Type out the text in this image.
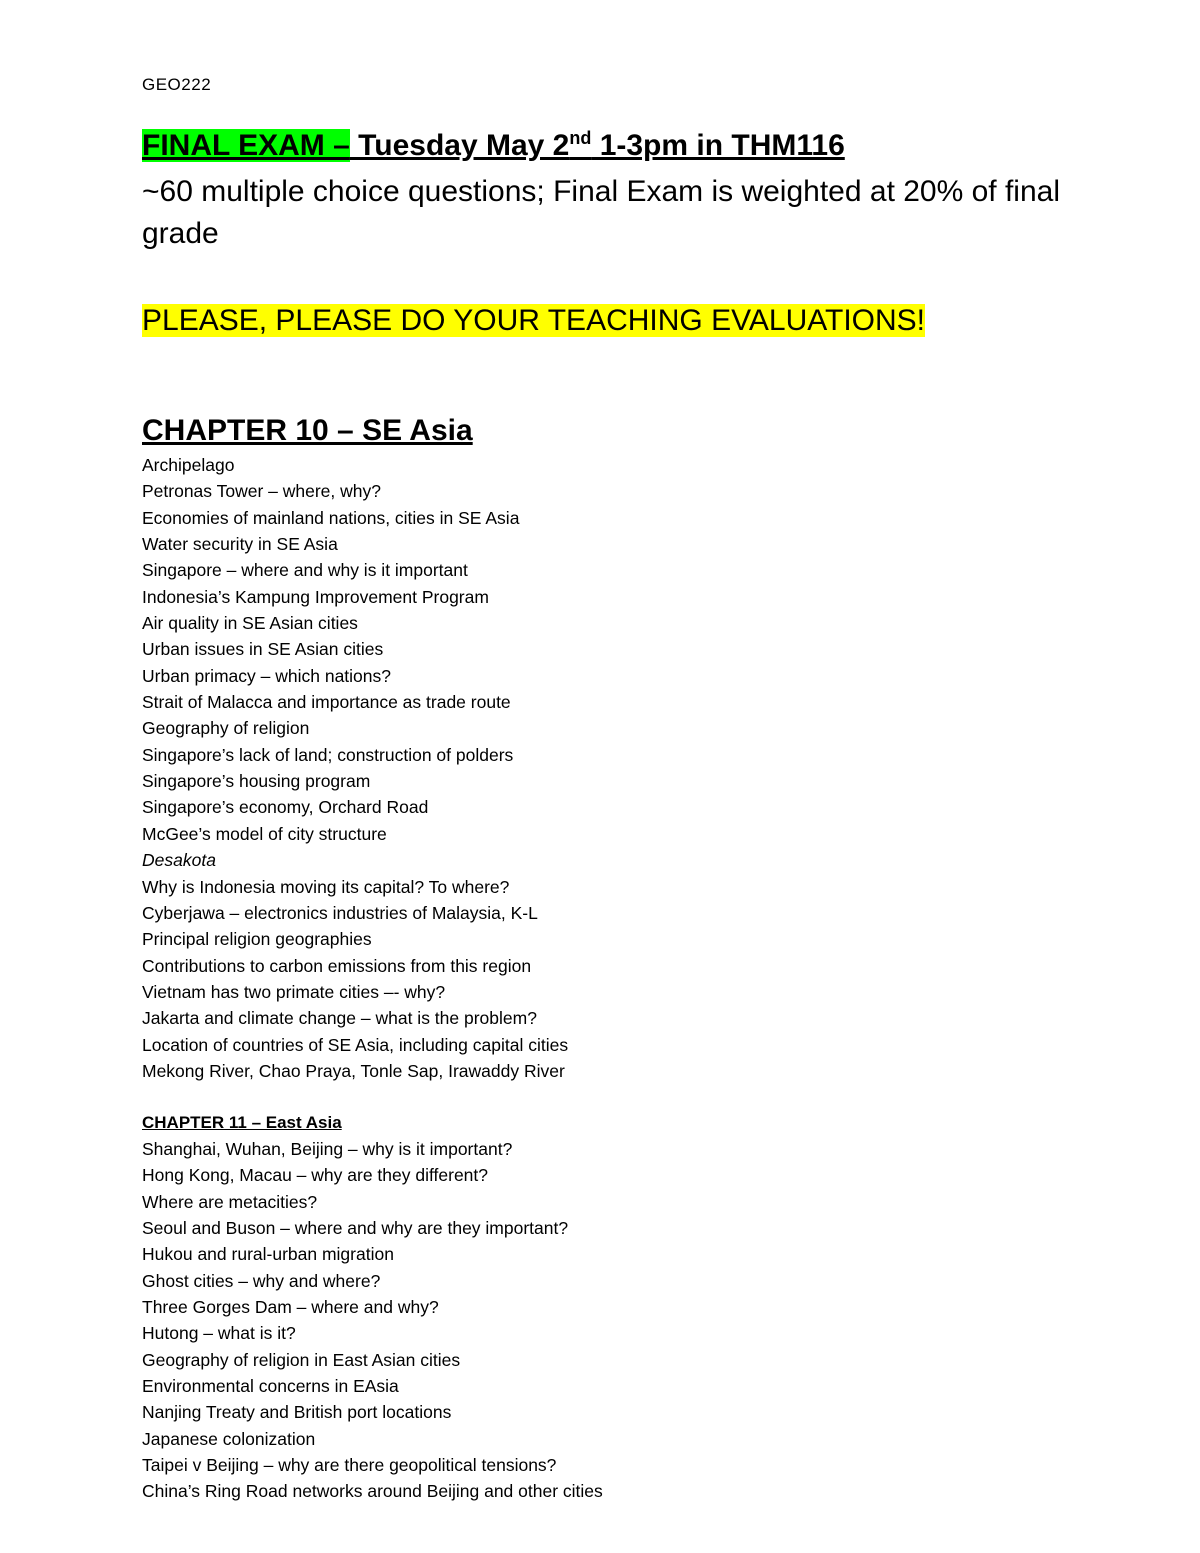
GEO222
FINAL EXAM – Tuesday May 2nd 1-3pm in THM116
~60 multiple choice questions; Final Exam is weighted at 20% of final grade
PLEASE, PLEASE DO YOUR TEACHING EVALUATIONS!
CHAPTER 10 – SE Asia
Archipelago
Petronas Tower – where, why?
Economies of mainland nations, cities in SE Asia
Water security in SE Asia
Singapore – where and why is it important
Indonesia’s Kampung Improvement Program
Air quality in SE Asian cities
Urban issues in SE Asian cities
Urban primacy – which nations?
Strait of Malacca and importance as trade route
Geography of religion
Singapore’s lack of land; construction of polders
Singapore’s housing program
Singapore’s economy, Orchard Road
McGee’s model of city structure
Desakota
Why is Indonesia moving its capital? To where?
Cyberjawa – electronics industries of Malaysia, K-L
Principal religion geographies
Contributions to carbon emissions from this region
Vietnam has two primate cities –- why?
Jakarta and climate change – what is the problem?
Location of countries of SE Asia, including capital cities
Mekong River, Chao Praya, Tonle Sap, Irawaddy River
CHAPTER 11 – East Asia
Shanghai, Wuhan, Beijing – why is it important?
Hong Kong, Macau – why are they different?
Where are metacities?
Seoul and Buson – where and why are they important?
Hukou and rural-urban migration
Ghost cities – why and where?
Three Gorges Dam – where and why?
Hutong – what is it?
Geography of religion in East Asian cities
Environmental concerns in EAsia
Nanjing Treaty and British port locations
Japanese colonization
Taipei v Beijing – why are there geopolitical tensions?
China’s Ring Road networks around Beijing and other cities
